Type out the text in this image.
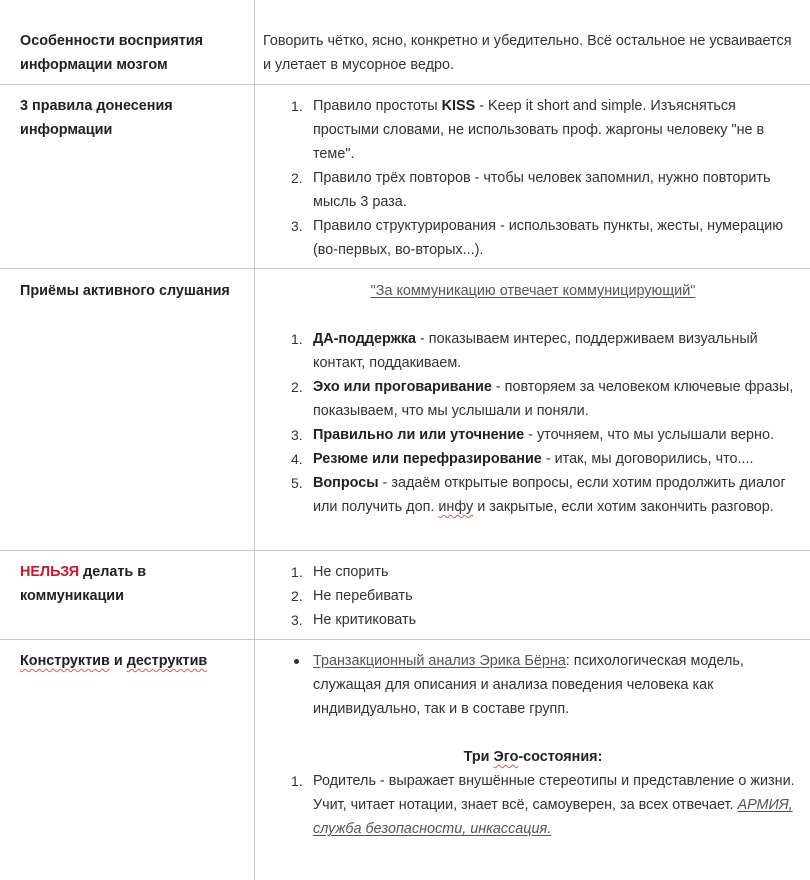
Особенности восприятия информации мозгом
Говорить чётко, ясно, конкретно и убедительно. Всё остальное не усваивается и улетает в мусорное ведро.
3 правила донесения информации
1. Правило простоты KISS - Keep it short and simple. Изъясняться простыми словами, не использовать проф. жаргоны человеку "не в теме".
2. Правило трёх повторов - чтобы человек запомнил, нужно повторить мысль 3 раза.
3. Правило структурирования - использовать пункты, жесты, нумерацию (во-первых, во-вторых...).
Приёмы активного слушания	"За коммуникацию отвечает коммуницирующий"
1. ДА-поддержка - показываем интерес, поддерживаем визуальный контакт, поддакиваем.
2. Эхо или проговаривание - повторяем за человеком ключевые фразы, показываем, что мы услышали и поняли.
3. Правильно ли или уточнение - уточняем, что мы услышали верно.
4. Резюме или перефразирование - итак, мы договорились, что....
5. Вопросы - задаём открытые вопросы, если хотим продолжить диалог или получить доп. инфу и закрытые, если хотим закончить разговор.
НЕЛЬЗЯ делать в коммуникации
1. Не спорить
2. Не перебивать
3. Не критиковать
Конструктив и деструктив	Транзакционный анализ Эрика Бёрна: психологическая модель, служащая для описания и анализа поведения человека как индивидуально, так и в составе групп.
Три Эго-состояния:
1. Родитель - выражает внушённые стереотипы и представление о жизни. Учит, читает нотации, знает всё, самоуверен, за всех отвечает. АРМИЯ, служба безопасности, инкассация.
